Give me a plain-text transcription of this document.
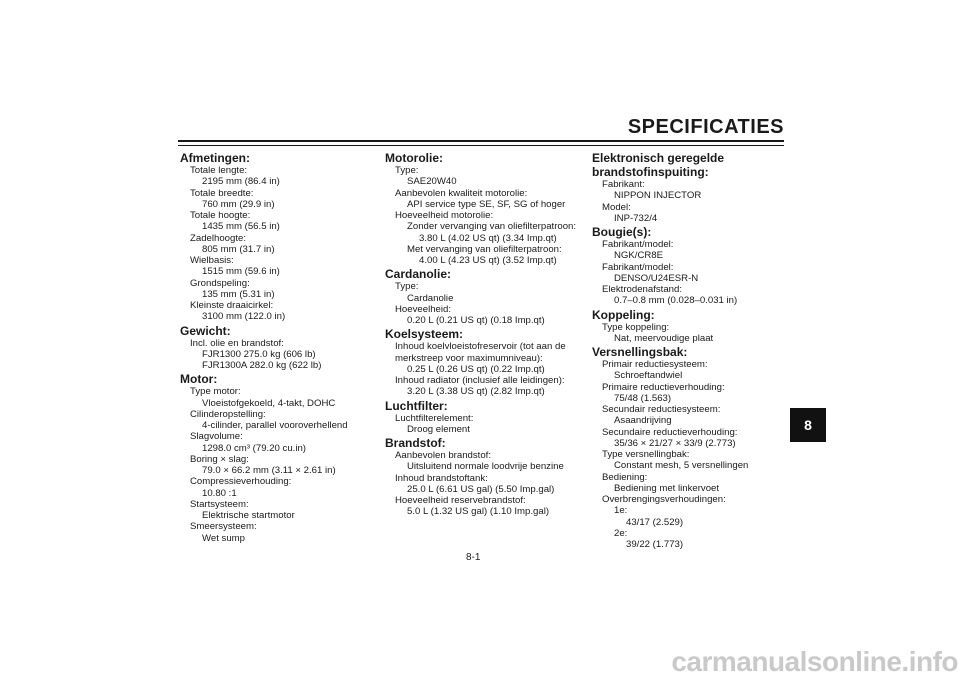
SPECIFICATIES
Afmetingen:
Totale lengte:
2195 mm (86.4 in)
Totale breedte:
760 mm (29.9 in)
Totale hoogte:
1435 mm (56.5 in)
Zadelhoogte:
805 mm (31.7 in)
Wielbasis:
1515 mm (59.6 in)
Grondspeling:
135 mm (5.31 in)
Kleinste draaicirkel:
3100 mm (122.0 in)
Gewicht:
Incl. olie en brandstof:
FJR1300 275.0 kg (606 lb)
FJR1300A 282.0 kg (622 lb)
Motor:
Type motor:
Vloeistofgekoeld, 4-takt, DOHC
Cilinderopstelling:
4-cilinder, parallel vooroverhellend
Slagvolume:
1298.0 cm³ (79.20 cu.in)
Boring × slag:
79.0 × 66.2 mm (3.11 × 2.61 in)
Compressieverhouding:
10.80 :1
Startsysteem:
Elektrische startmotor
Smeersysteem:
Wet sump
Motorolie:
Type:
SAE20W40
Aanbevolen kwaliteit motorolie:
API service type SE, SF, SG of hoger
Hoeveelheid motorolie:
Zonder vervanging van oliefilterpatroon:
3.80 L (4.02 US qt) (3.34 Imp.qt)
Met vervanging van oliefilterpatroon:
4.00 L (4.23 US qt) (3.52 Imp.qt)
Cardanolie:
Type:
Cardanolie
Hoeveelheid:
0.20 L (0.21 US qt) (0.18 Imp.qt)
Koelsysteem:
Inhoud koelvloeistofreservoir (tot aan de
merkstreep voor maximumniveau):
0.25 L (0.26 US qt) (0.22 Imp.qt)
Inhoud radiator (inclusief alle leidingen):
3.20 L (3.38 US qt) (2.82 Imp.qt)
Luchtfilter:
Luchtfilterelement:
Droog element
Brandstof:
Aanbevolen brandstof:
Uitsluitend normale loodvrije benzine
Inhoud brandstoftank:
25.0 L (6.61 US gal) (5.50 Imp.gal)
Hoeveelheid reservebrandstof:
5.0 L (1.32 US gal) (1.10 Imp.gal)
Elektronisch geregelde
brandstofinspuiting:
Fabrikant:
NIPPON INJECTOR
Model:
INP-732/4
Bougie(s):
Fabrikant/model:
NGK/CR8E
Fabrikant/model:
DENSO/U24ESR-N
Elektrodenafstand:
0.7–0.8 mm (0.028–0.031 in)
Koppeling:
Type koppeling:
Nat, meervoudige plaat
Versnellingsbak:
Primair reductiesysteem:
Schroeftandwiel
Primaire reductieverhouding:
75/48 (1.563)
Secundair reductiesysteem:
Asaandrijving
Secundaire reductieverhouding:
35/36 × 21/27 × 33/9 (2.773)
Type versnellingbak:
Constant mesh, 5 versnellingen
Bediening:
Bediening met linkervoet
Overbrengingsverhoudingen:
1e:
43/17 (2.529)
2e:
39/22 (1.773)
8
8-1
carmanualsonline.info
